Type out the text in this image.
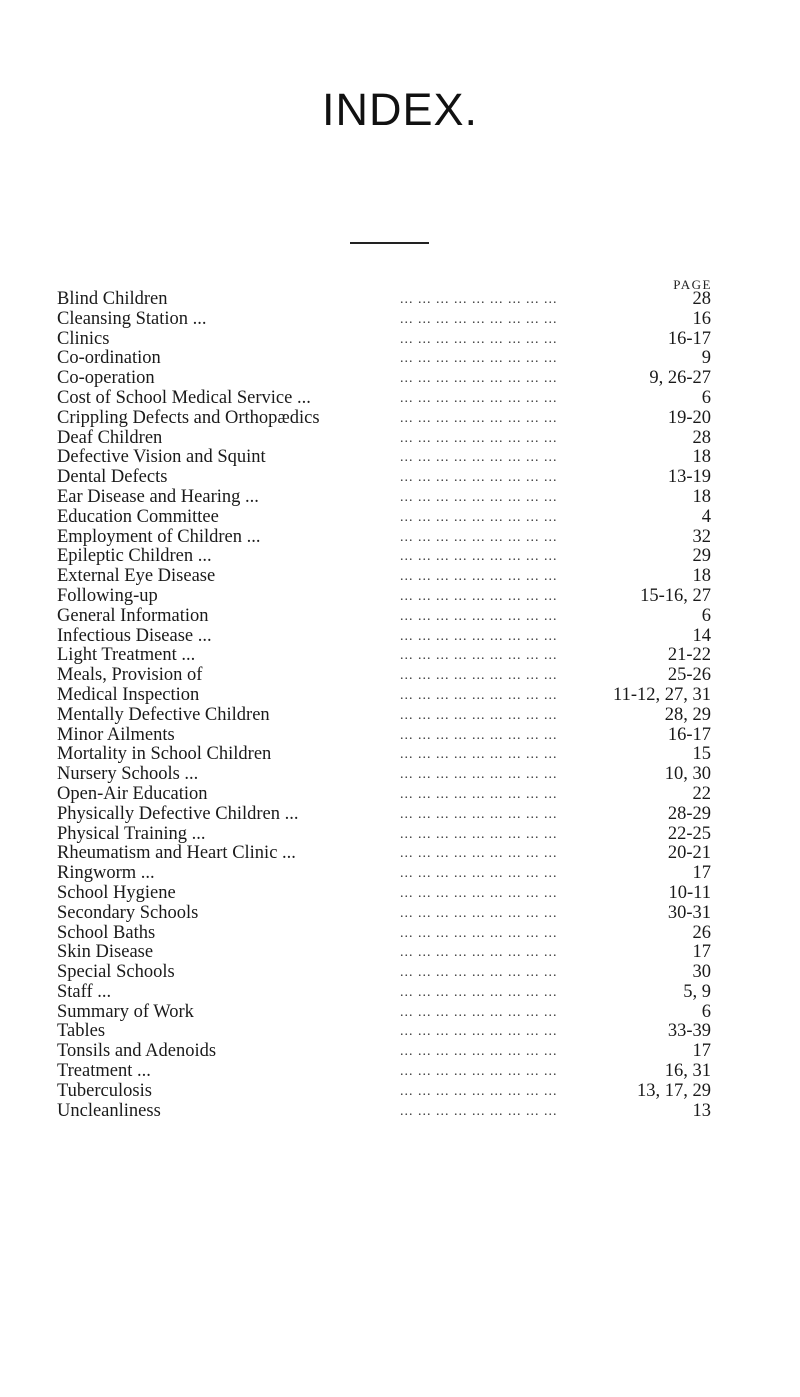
INDEX.
PAGE
Blind Children	... ... ... ... ... ... ... ... ...	28
Cleansing Station ...	... ... ... ... ... ... ... ... ...	16
Clinics	... ... ... ... ... ... ... ... ...	16-17
Co-ordination	... ... ... ... ... ... ... ... ...	9
Co-operation	... ... ... ... ... ... ... ... ...	9, 26-27
Cost of School Medical Service ...	... ... ... ... ... ... ... ... ...	6
Crippling Defects and Orthopædics	... ... ... ... ... ... ... ... ...	19-20
Deaf Children	... ... ... ... ... ... ... ... ...	28
Defective Vision and Squint	... ... ... ... ... ... ... ... ...	18
Dental Defects	... ... ... ... ... ... ... ... ...	13-19
Ear Disease and Hearing ...	... ... ... ... ... ... ... ... ...	18
Education Committee	... ... ... ... ... ... ... ... ...	4
Employment of Children ...	... ... ... ... ... ... ... ... ...	32
Epileptic Children ...	... ... ... ... ... ... ... ... ...	29
External Eye Disease	... ... ... ... ... ... ... ... ...	18
Following-up	... ... ... ... ... ... ... ... ...	15-16, 27
General Information	... ... ... ... ... ... ... ... ...	6
Infectious Disease ...	... ... ... ... ... ... ... ... ...	14
Light Treatment ...	... ... ... ... ... ... ... ... ...	21-22
Meals, Provision of	... ... ... ... ... ... ... ... ...	25-26
Medical Inspection	... ... ... ... ... ... ... ... ...	11-12, 27, 31
Mentally Defective Children	... ... ... ... ... ... ... ... ...	28, 29
Minor Ailments	... ... ... ... ... ... ... ... ...	16-17
Mortality in School Children	... ... ... ... ... ... ... ... ...	15
Nursery Schools ...	... ... ... ... ... ... ... ... ...	10, 30
Open-Air Education	... ... ... ... ... ... ... ... ...	22
Physically Defective Children ...	... ... ... ... ... ... ... ... ...	28-29
Physical Training ...	... ... ... ... ... ... ... ... ...	22-25
Rheumatism and Heart Clinic ...	... ... ... ... ... ... ... ... ...	20-21
Ringworm ...	... ... ... ... ... ... ... ... ...	17
School Hygiene	... ... ... ... ... ... ... ... ...	10-11
Secondary Schools	... ... ... ... ... ... ... ... ...	30-31
School Baths	... ... ... ... ... ... ... ... ...	26
Skin Disease	... ... ... ... ... ... ... ... ...	17
Special Schools	... ... ... ... ... ... ... ... ...	30
Staff ...	... ... ... ... ... ... ... ... ...	5, 9
Summary of Work	... ... ... ... ... ... ... ... ...	6
Tables	... ... ... ... ... ... ... ... ...	33-39
Tonsils and Adenoids	... ... ... ... ... ... ... ... ...	17
Treatment ...	... ... ... ... ... ... ... ... ...	16, 31
Tuberculosis	... ... ... ... ... ... ... ... ...	13, 17, 29
Uncleanliness	... ... ... ... ... ... ... ... ...	13
